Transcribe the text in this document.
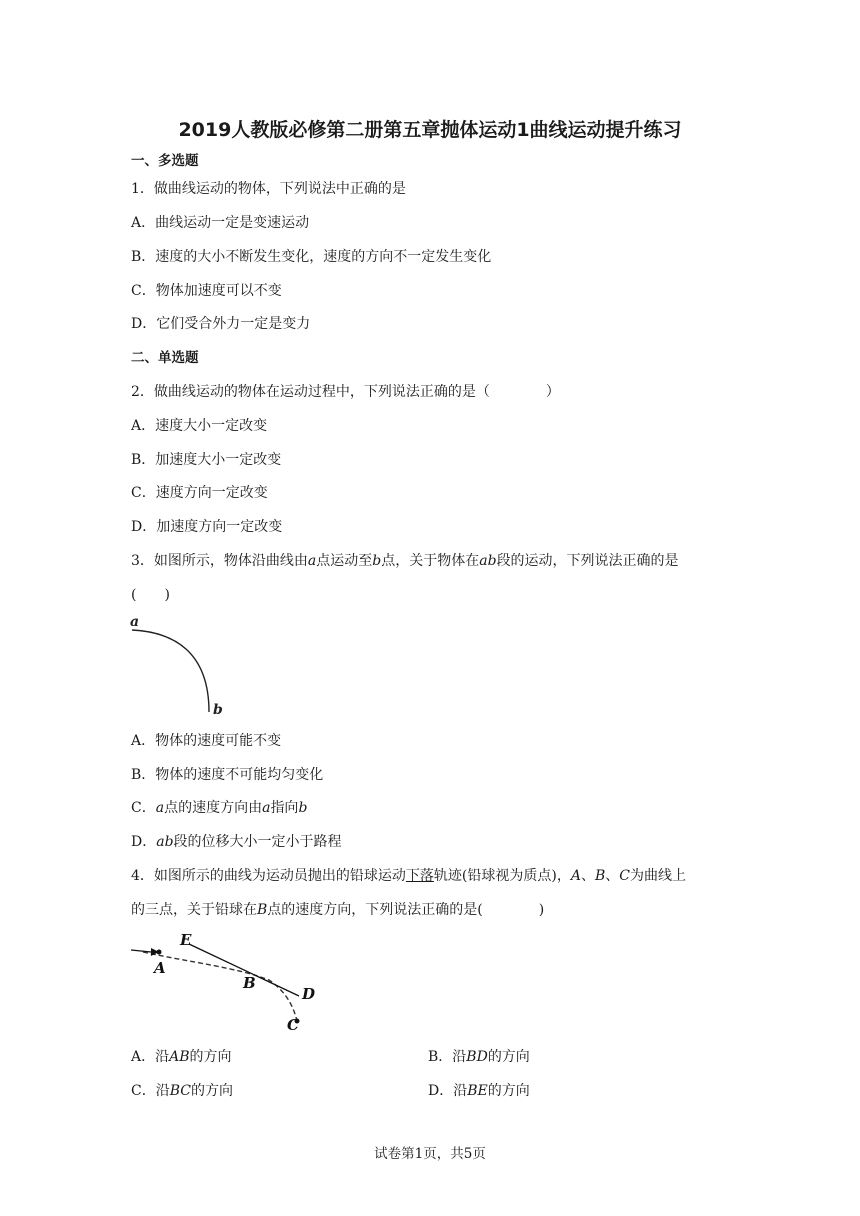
2019人教版必修第二册第五章抛体运动1曲线运动提升练习
一、多选题
1．做曲线运动的物体，下列说法中正确的是
A．曲线运动一定是变速运动
B．速度的大小不断发生变化，速度的方向不一定发生变化
C．物体加速度可以不变
D．它们受合外力一定是变力
二、单选题
2．做曲线运动的物体在运动过程中，下列说法正确的是（　　　　）
A．速度大小一定改变
B．加速度大小一定改变
C．速度方向一定改变
D．加速度方向一定改变
3．如图所示，物体沿曲线由a点运动至b点，关于物体在ab段的运动，下列说法正确的是
(　　)
a
b
A．物体的速度可能不变
B．物体的速度不可能均匀变化
C．a点的速度方向由a指向b
D．ab段的位移大小一定小于路程
4．如图所示的曲线为运动员抛出的铅球运动下落轨迹(铅球视为质点)，A、B、C为曲线上
的三点，关于铅球在B点的速度方向，下列说法正确的是(　　　　)
E
A
B
D
C
A．沿AB的方向	B．沿BD的方向
C．沿BC的方向	D．沿BE的方向
试卷第1页，共5页
